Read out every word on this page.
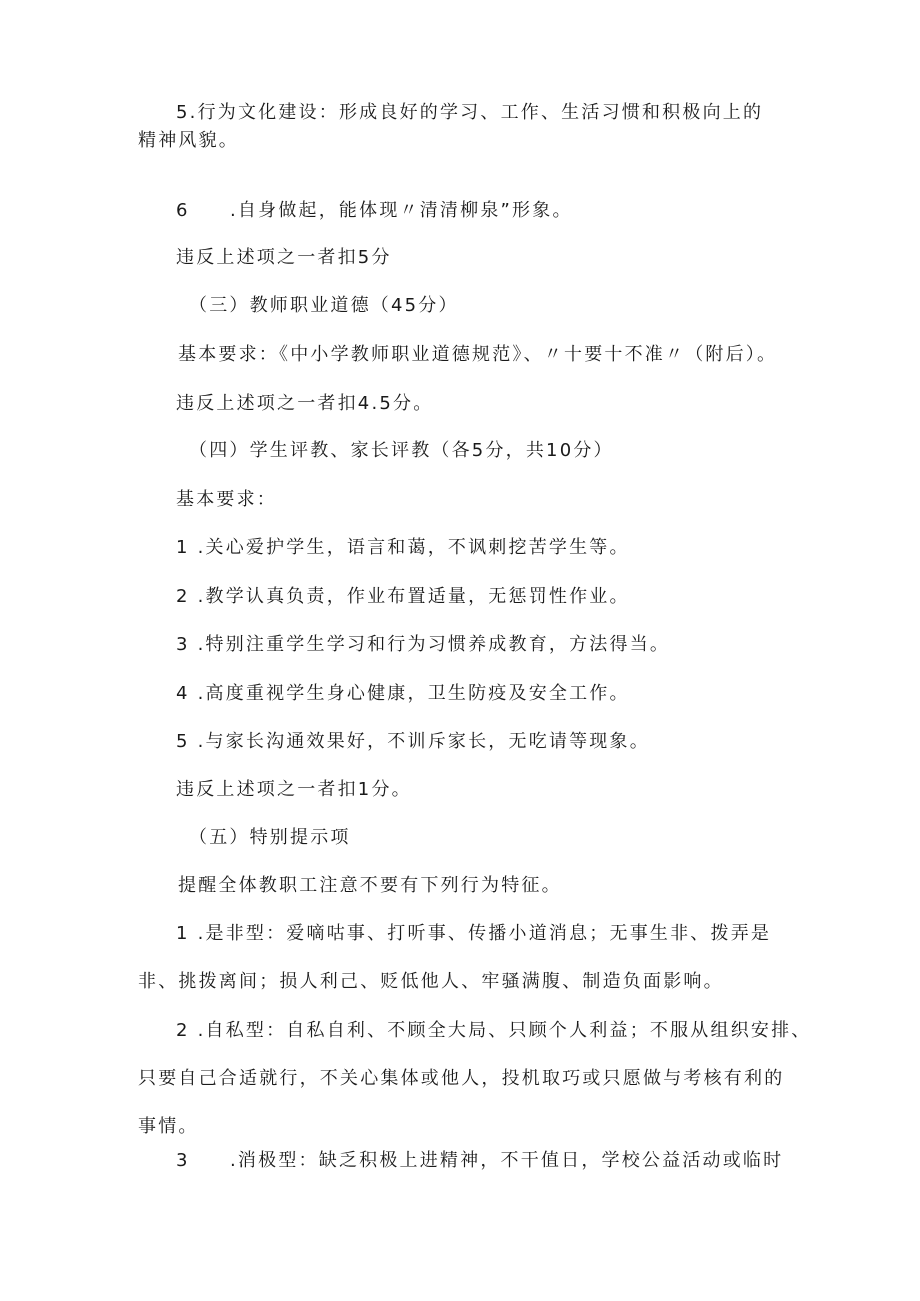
5.行为文化建设：形成良好的学习、工作、生活习惯和积极向上的

精神风貌。

6 .自身做起，能体现〃清清柳泉”形象。

违反上述项之一者扣5分

（三）教师职业道德（45分）

基本要求：《中小学教师职业道德规范》、〃十要十不准〃（附后）。

违反上述项之一者扣4.5分。

（四）学生评教、家长评教（各5分，共10分）

基本要求：

1 .关心爱护学生，语言和蔼，不讽刺挖苦学生等。

2 .教学认真负责，作业布置适量，无惩罚性作业。

3 .特别注重学生学习和行为习惯养成教育，方法得当。

4 .高度重视学生身心健康，卫生防疫及安全工作。

5 .与家长沟通效果好，不训斥家长，无吃请等现象。

违反上述项之一者扣1分。

（五）特别提示项

提醒全体教职工注意不要有下列行为特征。

1 .是非型：爱嘀咕事、打听事、传播小道消息；无事生非、拨弄是

非、挑拨离间；损人利己、贬低他人、牢骚满腹、制造负面影响。

2 .自私型：自私自利、不顾全大局、只顾个人利益；不服从组织安排、

只要自己合适就行，不关心集体或他人，投机取巧或只愿做与考核有利的

事情。

3 .消极型：缺乏积极上进精神，不干值日，学校公益活动或临时
